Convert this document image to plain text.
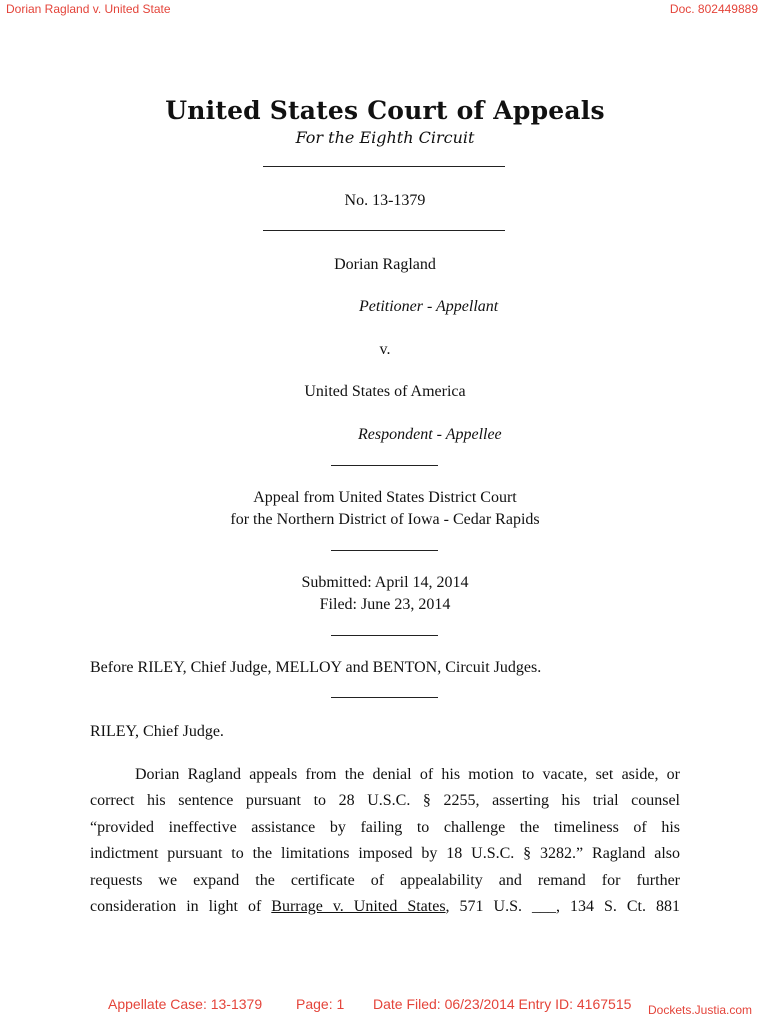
Dorian Ragland v. United State	Doc. 802449889
United States Court of Appeals
For the Eighth Circuit
No. 13-1379
Dorian Ragland
Petitioner - Appellant
v.
United States of America
Respondent - Appellee
Appeal from United States District Court
for the Northern District of Iowa - Cedar Rapids
Submitted: April 14, 2014
Filed: June 23, 2014
Before RILEY, Chief Judge, MELLOY and BENTON, Circuit Judges.
RILEY, Chief Judge.
Dorian Ragland appeals from the denial of his motion to vacate, set aside, or
correct his sentence pursuant to 28 U.S.C. § 2255, asserting his trial counsel
“provided ineffective assistance by failing to challenge the timeliness of his
indictment pursuant to the limitations imposed by 18 U.S.C. § 3282.” Ragland also
requests we expand the certificate of appealability and remand for further
consideration in light of Burrage v. United States, 571 U.S. ___, 134 S. Ct. 881
Appellate Case: 13-1379 Page: 1 Date Filed: 06/23/2014 Entry ID: 4167515 Dockets.Justia.com
